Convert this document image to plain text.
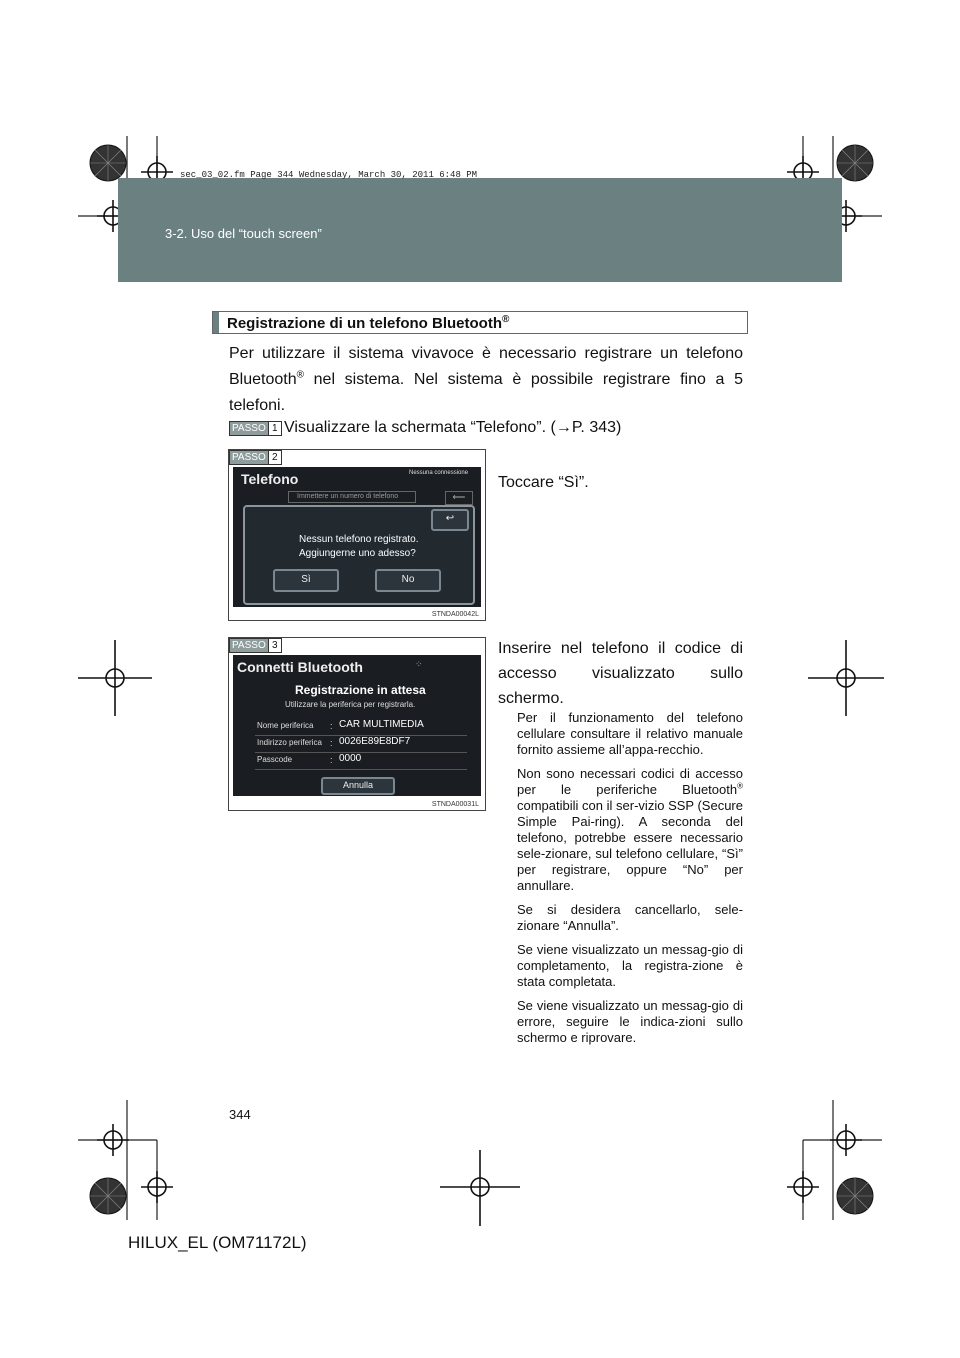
sec_03_02.fm Page 344 Wednesday, March 30, 2011 6:48 PM
3-2. Uso del “touch screen”
Registrazione di un telefono Bluetooth®

Per utilizzare il sistema vivavoce è necessario registrare un telefono Bluetooth® nel sistema. Nel sistema è possibile registrare fino a 5 telefoni.

PASSO 1 Visualizzare la schermata “Telefono”. (→P. 343)
PASSO 2
Telefono	Nessuna connessione
Immettere un numero di telefono	⟵
↩
Nessun telefono registrato.
Aggiungerne uno adesso?
Sì	No
STNDA00042L
Toccare “Sì”.
PASSO 3
Connetti Bluetooth	⁘
Registrazione in attesa
Utilizzare la periferica per registrarla.
Nome periferica : CAR MULTIMEDIA
Indirizzo periferica : 0026E89E8DF7
Passcode	: 0000
Annulla
STNDA00031L

Inserire nel telefono il codice di accesso visualizzato sullo schermo.

Per il funzionamento del telefono cellulare consultare il relativo manuale fornito assieme all’appa-recchio.

Non sono necessari codici di accesso per le periferiche Bluetooth® compatibili con il ser-vizio SSP (Secure Simple Pai-ring). A seconda del telefono, potrebbe essere necessario sele-zionare, sul telefono cellulare, “Sì” per registrare, oppure “No” per annullare.

Se si desidera cancellarlo, sele-zionare “Annulla”.

Se viene visualizzato un messag-gio di completamento, la registra-zione è stata completata.

Se viene visualizzato un messag-gio di errore, seguire le indica-zioni sullo schermo e riprovare.

344
HILUX_EL (OM71172L)
